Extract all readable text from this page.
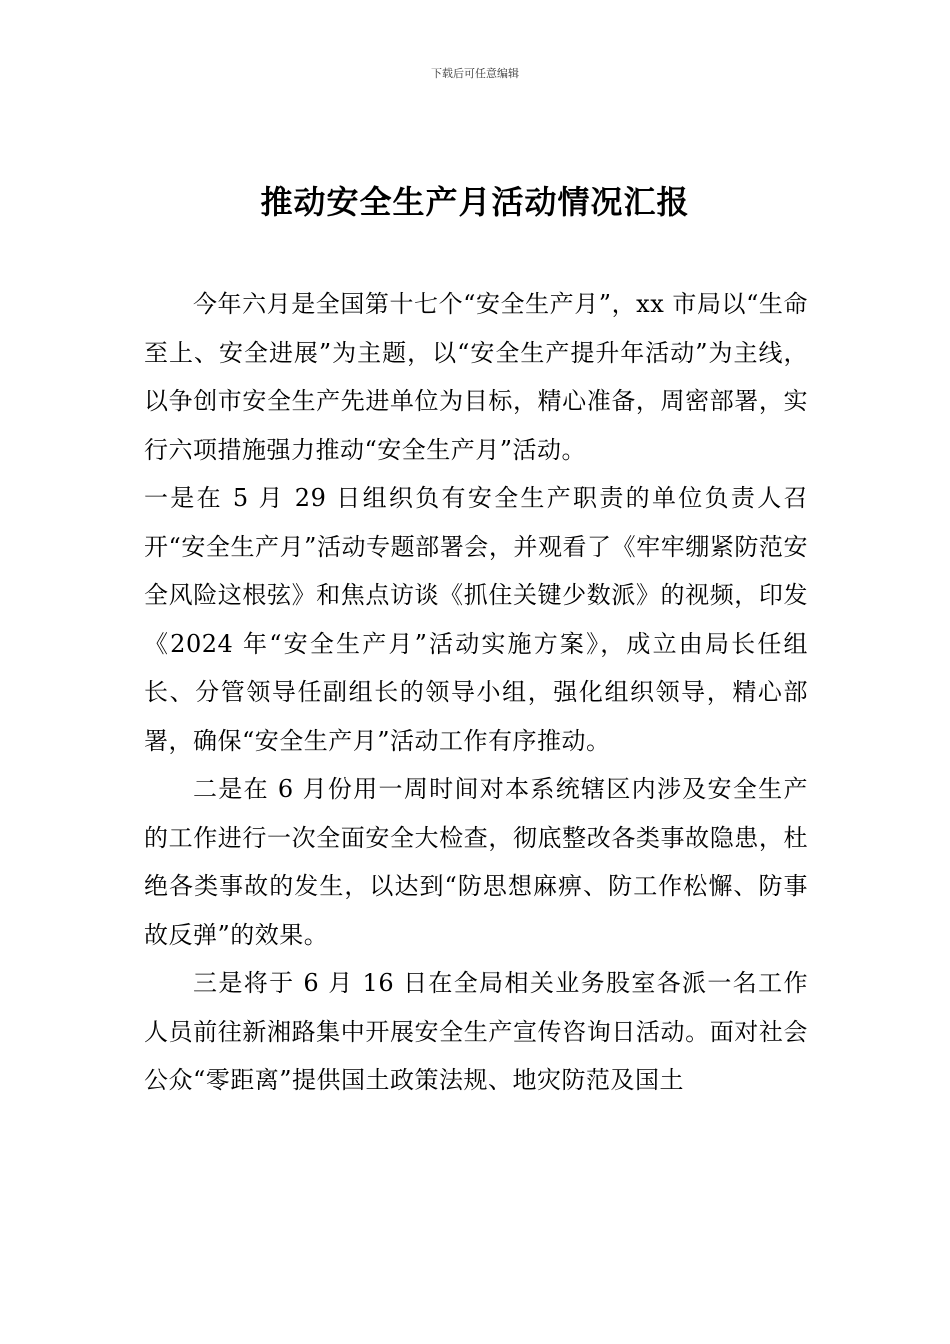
下载后可任意编辑
推动安全生产月活动情况汇报

今年六月是全国第十七个“安全生产月”，xx 市局以“生命至上、安全进展”为主题，以“安全生产提升年活动”为主线，以争创市安全生产先进单位为目标，精心准备，周密部署，实行六项措施强力推动“安全生产月”活动。

一是在 5 月 29 日组织负有安全生产职责的单位负责人召开“安全生产月”活动专题部署会，并观看了《牢牢绷紧防范安全风险这根弦》和焦点访谈《抓住关键少数派》的视频，印发《2024 年“安全生产月”活动实施方案》，成立由局长任组长、分管领导任副组长的领导小组，强化组织领导，精心部署，确保“安全生产月”活动工作有序推动。

二是在 6 月份用一周时间对本系统辖区内涉及安全生产的工作进行一次全面安全大检查，彻底整改各类事故隐患，杜绝各类事故的发生，以达到“防思想麻痹、防工作松懈、防事故反弹”的效果。

三是将于 6 月 16 日在全局相关业务股室各派一名工作人员前往新湘路集中开展安全生产宣传咨询日活动。面对社会公众“零距离”提供国土政策法规、地灾防范及国土
